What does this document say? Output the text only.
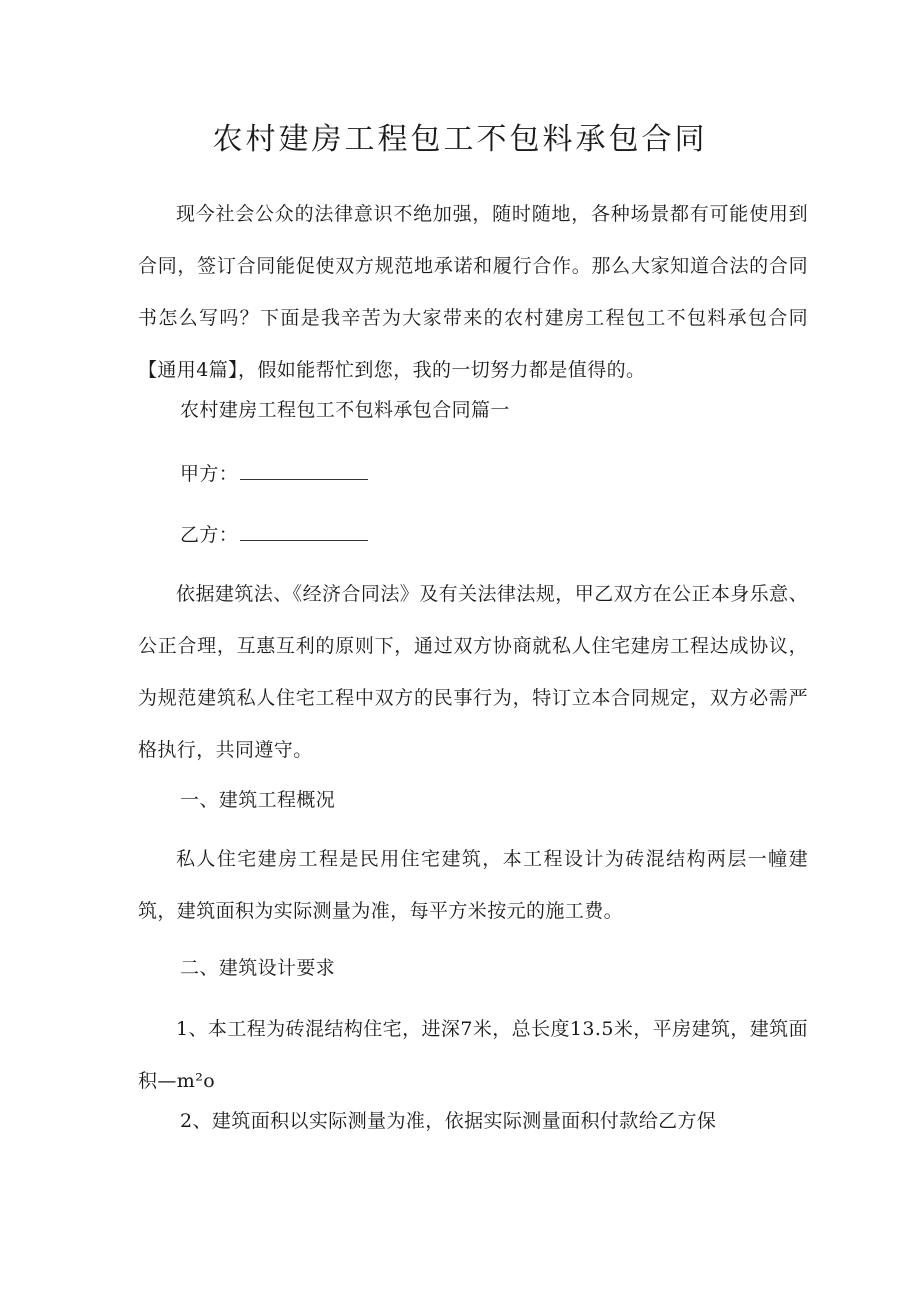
农村建房工程包工不包料承包合同

现今社会公众的法律意识不绝加强，随时随地，各种场景都有可能使用到合同，签订合同能促使双方规范地承诺和履行合作。那么大家知道合法的合同书怎么写吗？下面是我辛苦为大家带来的农村建房工程包工不包料承包合同【通用4篇】，假如能帮忙到您，我的一切努力都是值得的。

农村建房工程包工不包料承包合同篇一

甲方：

乙方：

依据建筑法、《经济合同法》及有关法律法规，甲乙双方在公正本身乐意、公正合理，互惠互利的原则下，通过双方协商就私人住宅建房工程达成协议，为规范建筑私人住宅工程中双方的民事行为，特订立本合同规定，双方必需严格执行，共同遵守。

一、建筑工程概况

私人住宅建房工程是民用住宅建筑，本工程设计为砖混结构两层一幢建筑，建筑面积为实际测量为准，每平方米按元的施工费。

二、建筑设计要求

1、本工程为砖混结构住宅，进深7米，总长度13.5米，平房建筑，建筑面积—m²o

2、建筑面积以实际测量为准，依据实际测量面积付款给乙方保
